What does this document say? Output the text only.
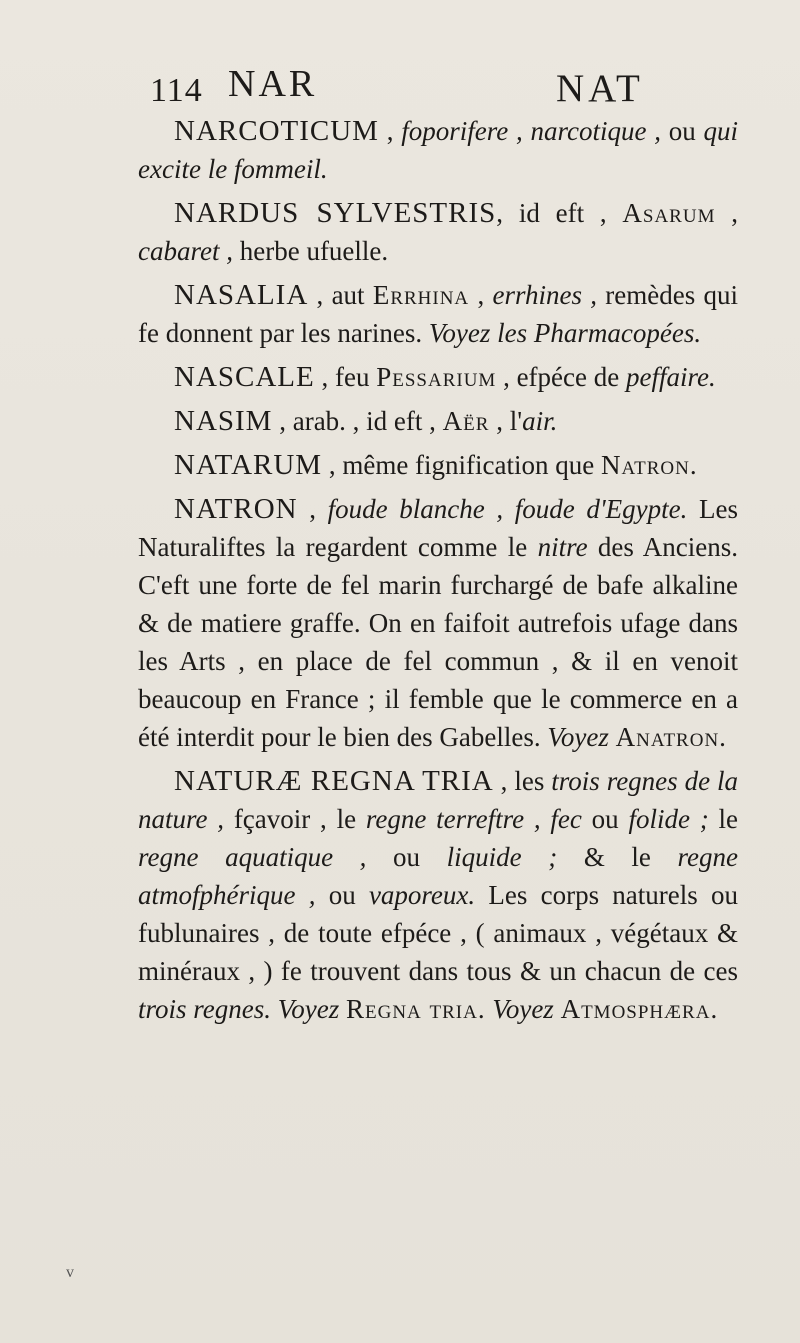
114 NAR	NAT

NARCOTICUM , foporifere , narcotique , ou qui excite le fommeil.

NARDUS SYLVESTRIS, id eft , Asarum , cabaret , herbe ufuelle.

NASALIA , aut Errhina , errhines , remèdes qui fe donnent par les narines. Voyez les Pharmacopées.

NASCALE , feu Pessarium , efpéce de peffaire.

NASIM , arab. , id eft , Aër , l'air.

NATARUM , même fignification que Natron.

NATRON , foude blanche , foude d'Egypte. Les Naturaliftes la regardent comme le nitre des Anciens. C'eft une forte de fel marin furchargé de bafe alkaline & de matiere graffe. On en faifoit autrefois ufage dans les Arts , en place de fel commun , & il en venoit beaucoup en France ; il femble que le commerce en a été interdit pour le bien des Gabelles. Voyez Anatron.

NATURÆ REGNA TRIA , les trois regnes de la nature , fçavoir , le regne terreftre , fec ou folide ; le regne aquatique , ou liquide ; & le regne atmofphérique , ou vaporeux. Les corps naturels ou fublunaires , de toute efpéce , ( animaux , végétaux & minéraux , ) fe trouvent dans tous & un chacun de ces trois regnes. Voyez Regna tria. Voyez Atmosphæra.

v
